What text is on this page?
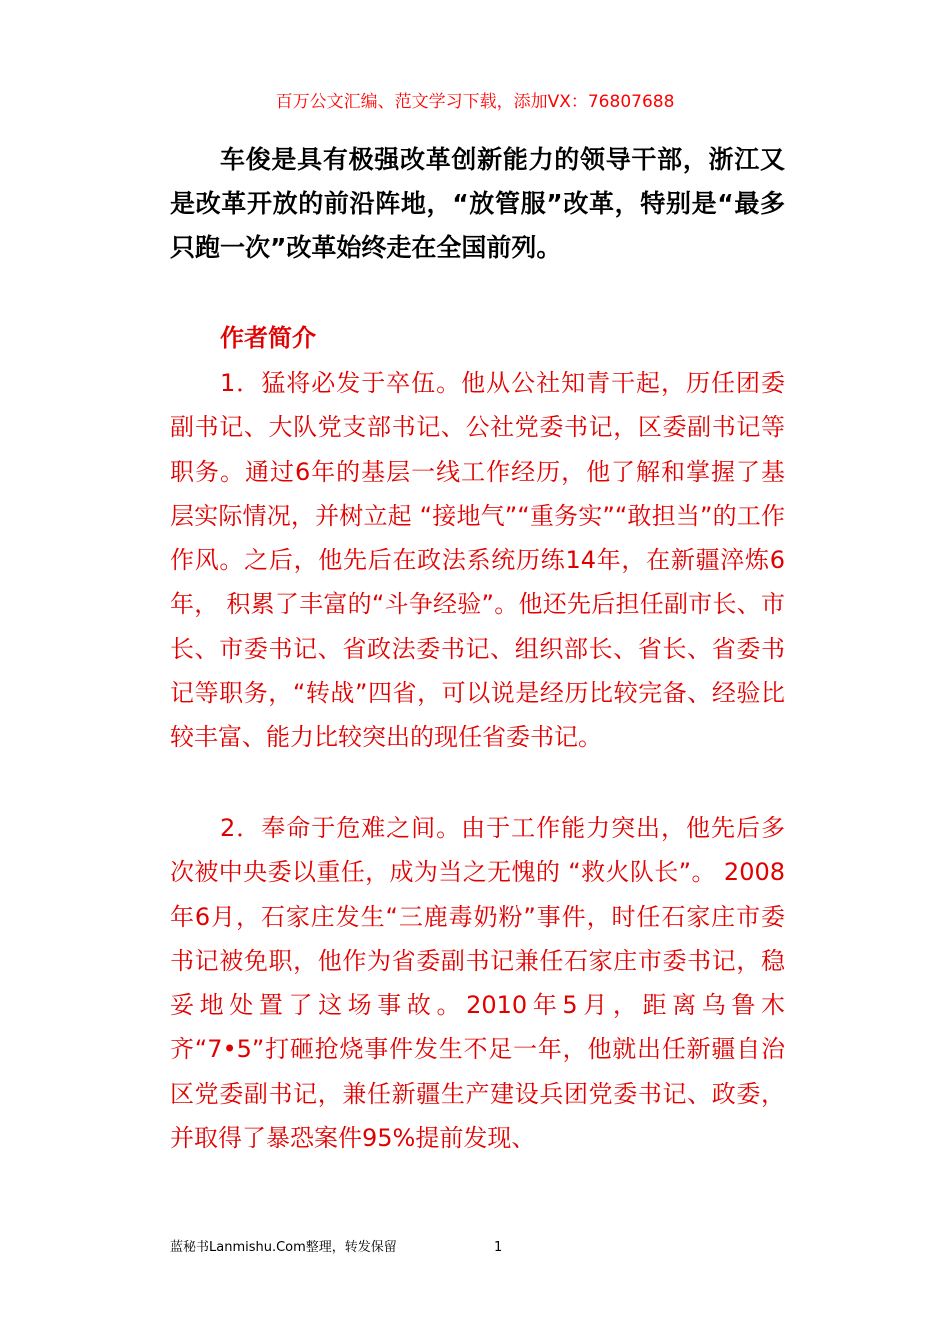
百万公文汇编、范文学习下载，添加VX：76807688

车俊是具有极强改革创新能力的领导干部，浙江又是改革开放的前沿阵地，“放管服”改革，特别是“最多只跑一次”改革始终走在全国前列。

作者简介

1．猛将必发于卒伍。他从公社知青干起，历任团委副书记、大队党支部书记、公社党委书记，区委副书记等职务。通过6年的基层一线工作经历，他了解和掌握了基层实际情况，并树立起 “接地气”“重务实”“敢担当”的工作作风。之后，他先后在政法系统历练14年，在新疆淬炼6年， 积累了丰富的“斗争经验”。他还先后担任副市长、市长、市委书记、省政法委书记、组织部长、省长、省委书记等职务，“转战”四省，可以说是经历比较完备、经验比较丰富、能力比较突出的现任省委书记。

2．奉命于危难之间。由于工作能力突出，他先后多次被中央委以重任，成为当之无愧的 “救火队长”。 2008年6月，石家庄发生“三鹿毒奶粉”事件，时任石家庄市委书记被免职，他作为省委副书记兼任石家庄市委书记，稳妥地处置了这场事故。2010年5月，距离乌鲁木齐“7•5”打砸抢烧事件发生不足一年，他就出任新疆自治区党委副书记，兼任新疆生产建设兵团党委书记、政委，并取得了暴恐案件95%提前发现、

蓝秘书Lanmishu.Com整理，转发保留	1
